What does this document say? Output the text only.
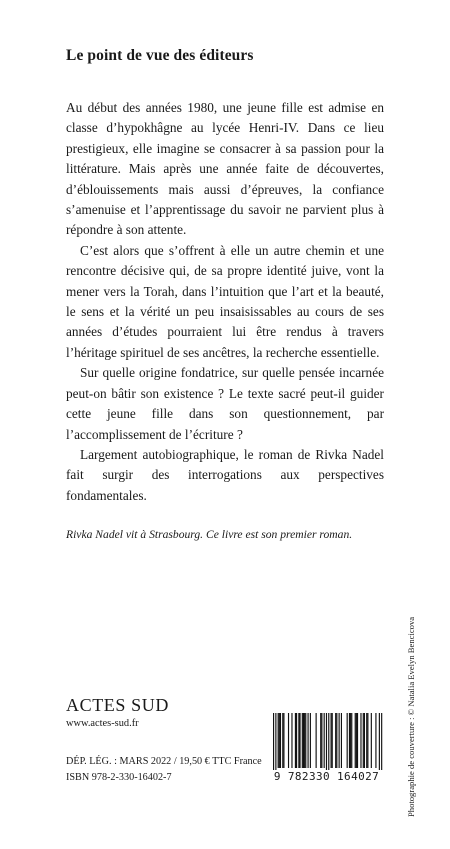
Le point de vue des éditeurs

Au début des années 1980, une jeune fille est admise en classe d’hypokhâgne au lycée Henri-IV. Dans ce lieu prestigieux, elle imagine se consacrer à sa passion pour la littérature. Mais après une année faite de découvertes, d’éblouissements mais aussi d’épreuves, la confiance s’amenuise et l’apprentissage du savoir ne parvient plus à répondre à son attente.

C’est alors que s’offrent à elle un autre chemin et une rencontre décisive qui, de sa propre identité juive, vont la mener vers la Torah, dans l’intuition que l’art et la beauté, le sens et la vérité un peu insaisissables au cours de ses années d’études pourraient lui être rendus à travers l’héritage spirituel de ses ancêtres, la recherche essentielle.

Sur quelle origine fondatrice, sur quelle pensée incarnée peut-on bâtir son existence ? Le texte sacré peut-il guider cette jeune fille dans son questionnement, par l’accomplissement de l’écriture ?

Largement autobiographique, le roman de Rivka Nadel fait surgir des interrogations aux perspectives fondamentales.

Rivka Nadel vit à Strasbourg. Ce livre est son premier roman.
ACTES SUD
www.actes-sud.fr
DÉP. LÉG. : MARS 2022 / 19,50 € TTC France
ISBN 978-2-330-16402-7	9 782330 164027	Photographie de couverture : © Natalia Evelyn Bencicova
